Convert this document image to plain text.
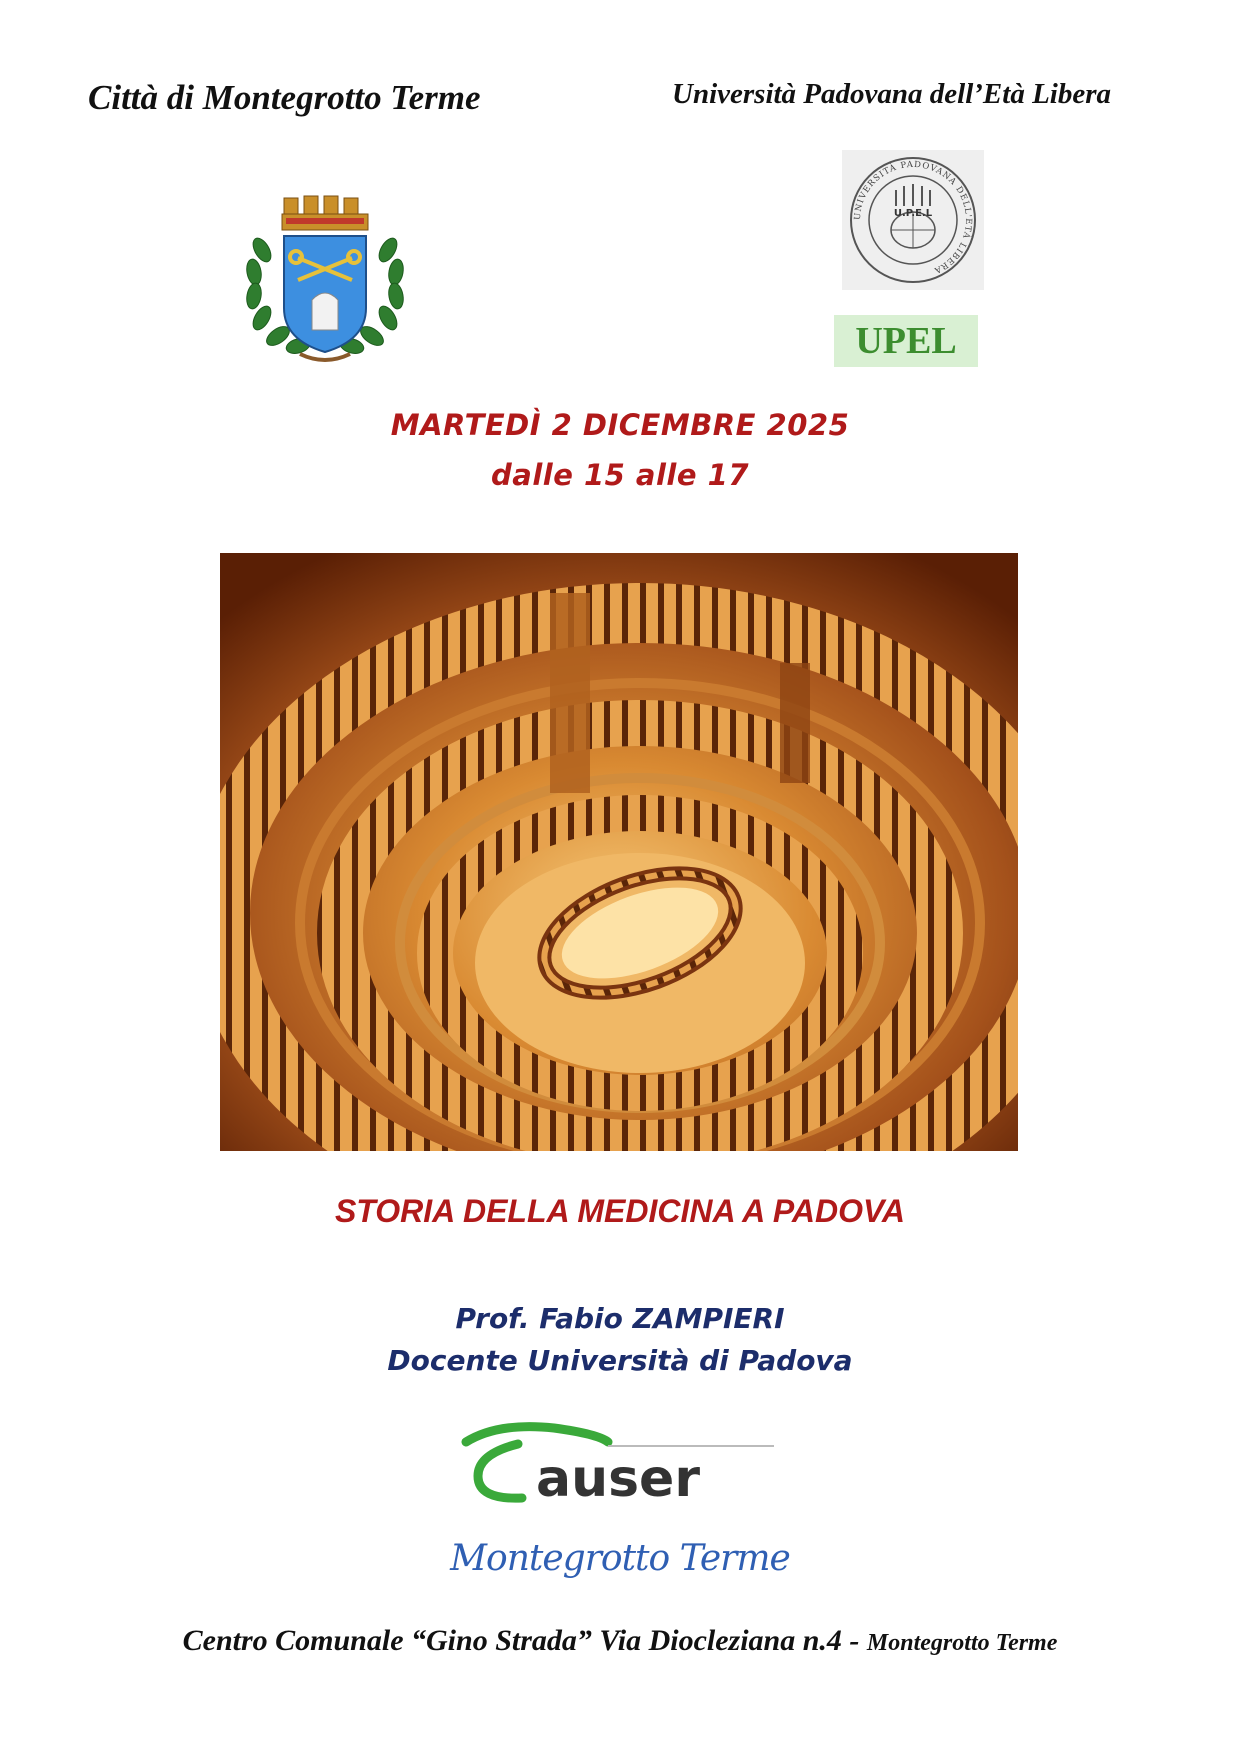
Città di Montegrotto Terme	Università Padovana dell’Età Libera
UNIVERSITÀ PADOVANA DELL'ETÀ LIBERA
U.P.E.L
UPEL
MARTEDÌ 2 DICEMBRE 2025
dalle 15 alle 17
STORIA DELLA MEDICINA A PADOVA
Prof. Fabio ZAMPIERI
Docente Università di Padova
auser
Montegrotto Terme
Centro Comunale “Gino Strada” Via Diocleziana n.4 - Montegrotto Terme
